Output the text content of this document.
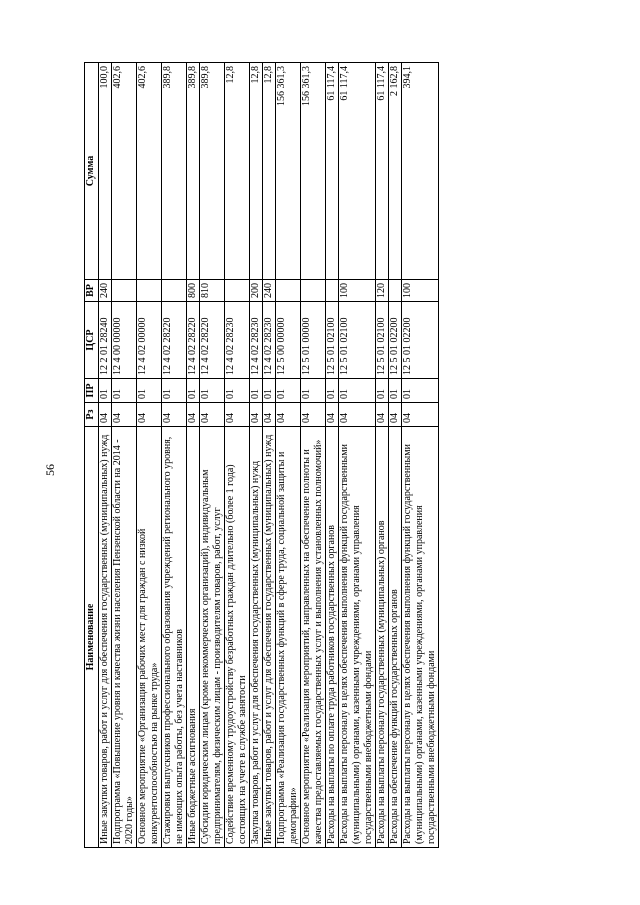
56
Наименование	Рз	ПР	ЦСР	ВР	Сумма
Иные закупки товаров, работ и услуг для обеспечения государственных (муниципальных) нужд	04	01	12 2 01 28240	240	100,0
Подпрограмма «Повышение уровня и качества жизни населения Пензенской области на 2014 - 2020 годы»	04	01	12 4 00 00000		402,6
Основное мероприятие «Организация рабочих мест для граждан с низкой конкурентоспособностью на рынке труда»	04	01	12 4 02 00000		402,6
Стажировки выпускников профессионального образования учреждений регионального уровня, не имеющих опыта работы, без учета наставников	04	01	12 4 02 28220		389,8
Иные бюджетные ассигнования	04	01	12 4 02 28220	800	389,8
Субсидии юридическим лицам (кроме некоммерческих организаций), индивидуальным предпринимателям, физическим лицам - производителям товаров, работ, услуг	04	01	12 4 02 28220	810	389,8
Содействие временному трудоустройству безработных граждан длительно (более 1 года) состоящих на учете в службе занятости	04	01	12 4 02 28230		12,8
Закупка товаров, работ и услуг для обеспечения государственных (муниципальных) нужд	04	01	12 4 02 28230	200	12,8
Иные закупки товаров, работ и услуг для обеспечения государственных (муниципальных) нужд	04	01	12 4 02 28230	240	12,8
Подпрограмма «Реализация государственных функций в сфере труда, социальной защиты и демографии»	04	01	12 5 00 00000		156 361,3
Основное мероприятие «Реализация мероприятий, направленных на обеспечение полноты и качества предоставляемых государственных услуг и выполнения установленных полномочий»	04	01	12 5 01 00000		156 361,3
Расходы на выплаты по оплате труда работников государственных органов	04	01	12 5 01 02100		61 117,4
Расходы на выплаты персоналу в целях обеспечения выполнения функций государственными (муниципальными) органами, казенными учреждениями, органами управления государственными внебюджетными фондами	04	01	12 5 01 02100	100	61 117,4
Расходы на выплаты персоналу государственных (муниципальных) органов	04	01	12 5 01 02100	120	61 117,4
Расходы на обеспечение функций государственных органов	04	01	12 5 01 02200		2 162,8
Расходы на выплаты персоналу в целях обеспечения выполнения функций государственными (муниципальными) органами, казенными учреждениями, органами управления государственными внебюджетными фондами	04	01	12 5 01 02200	100	394,1
